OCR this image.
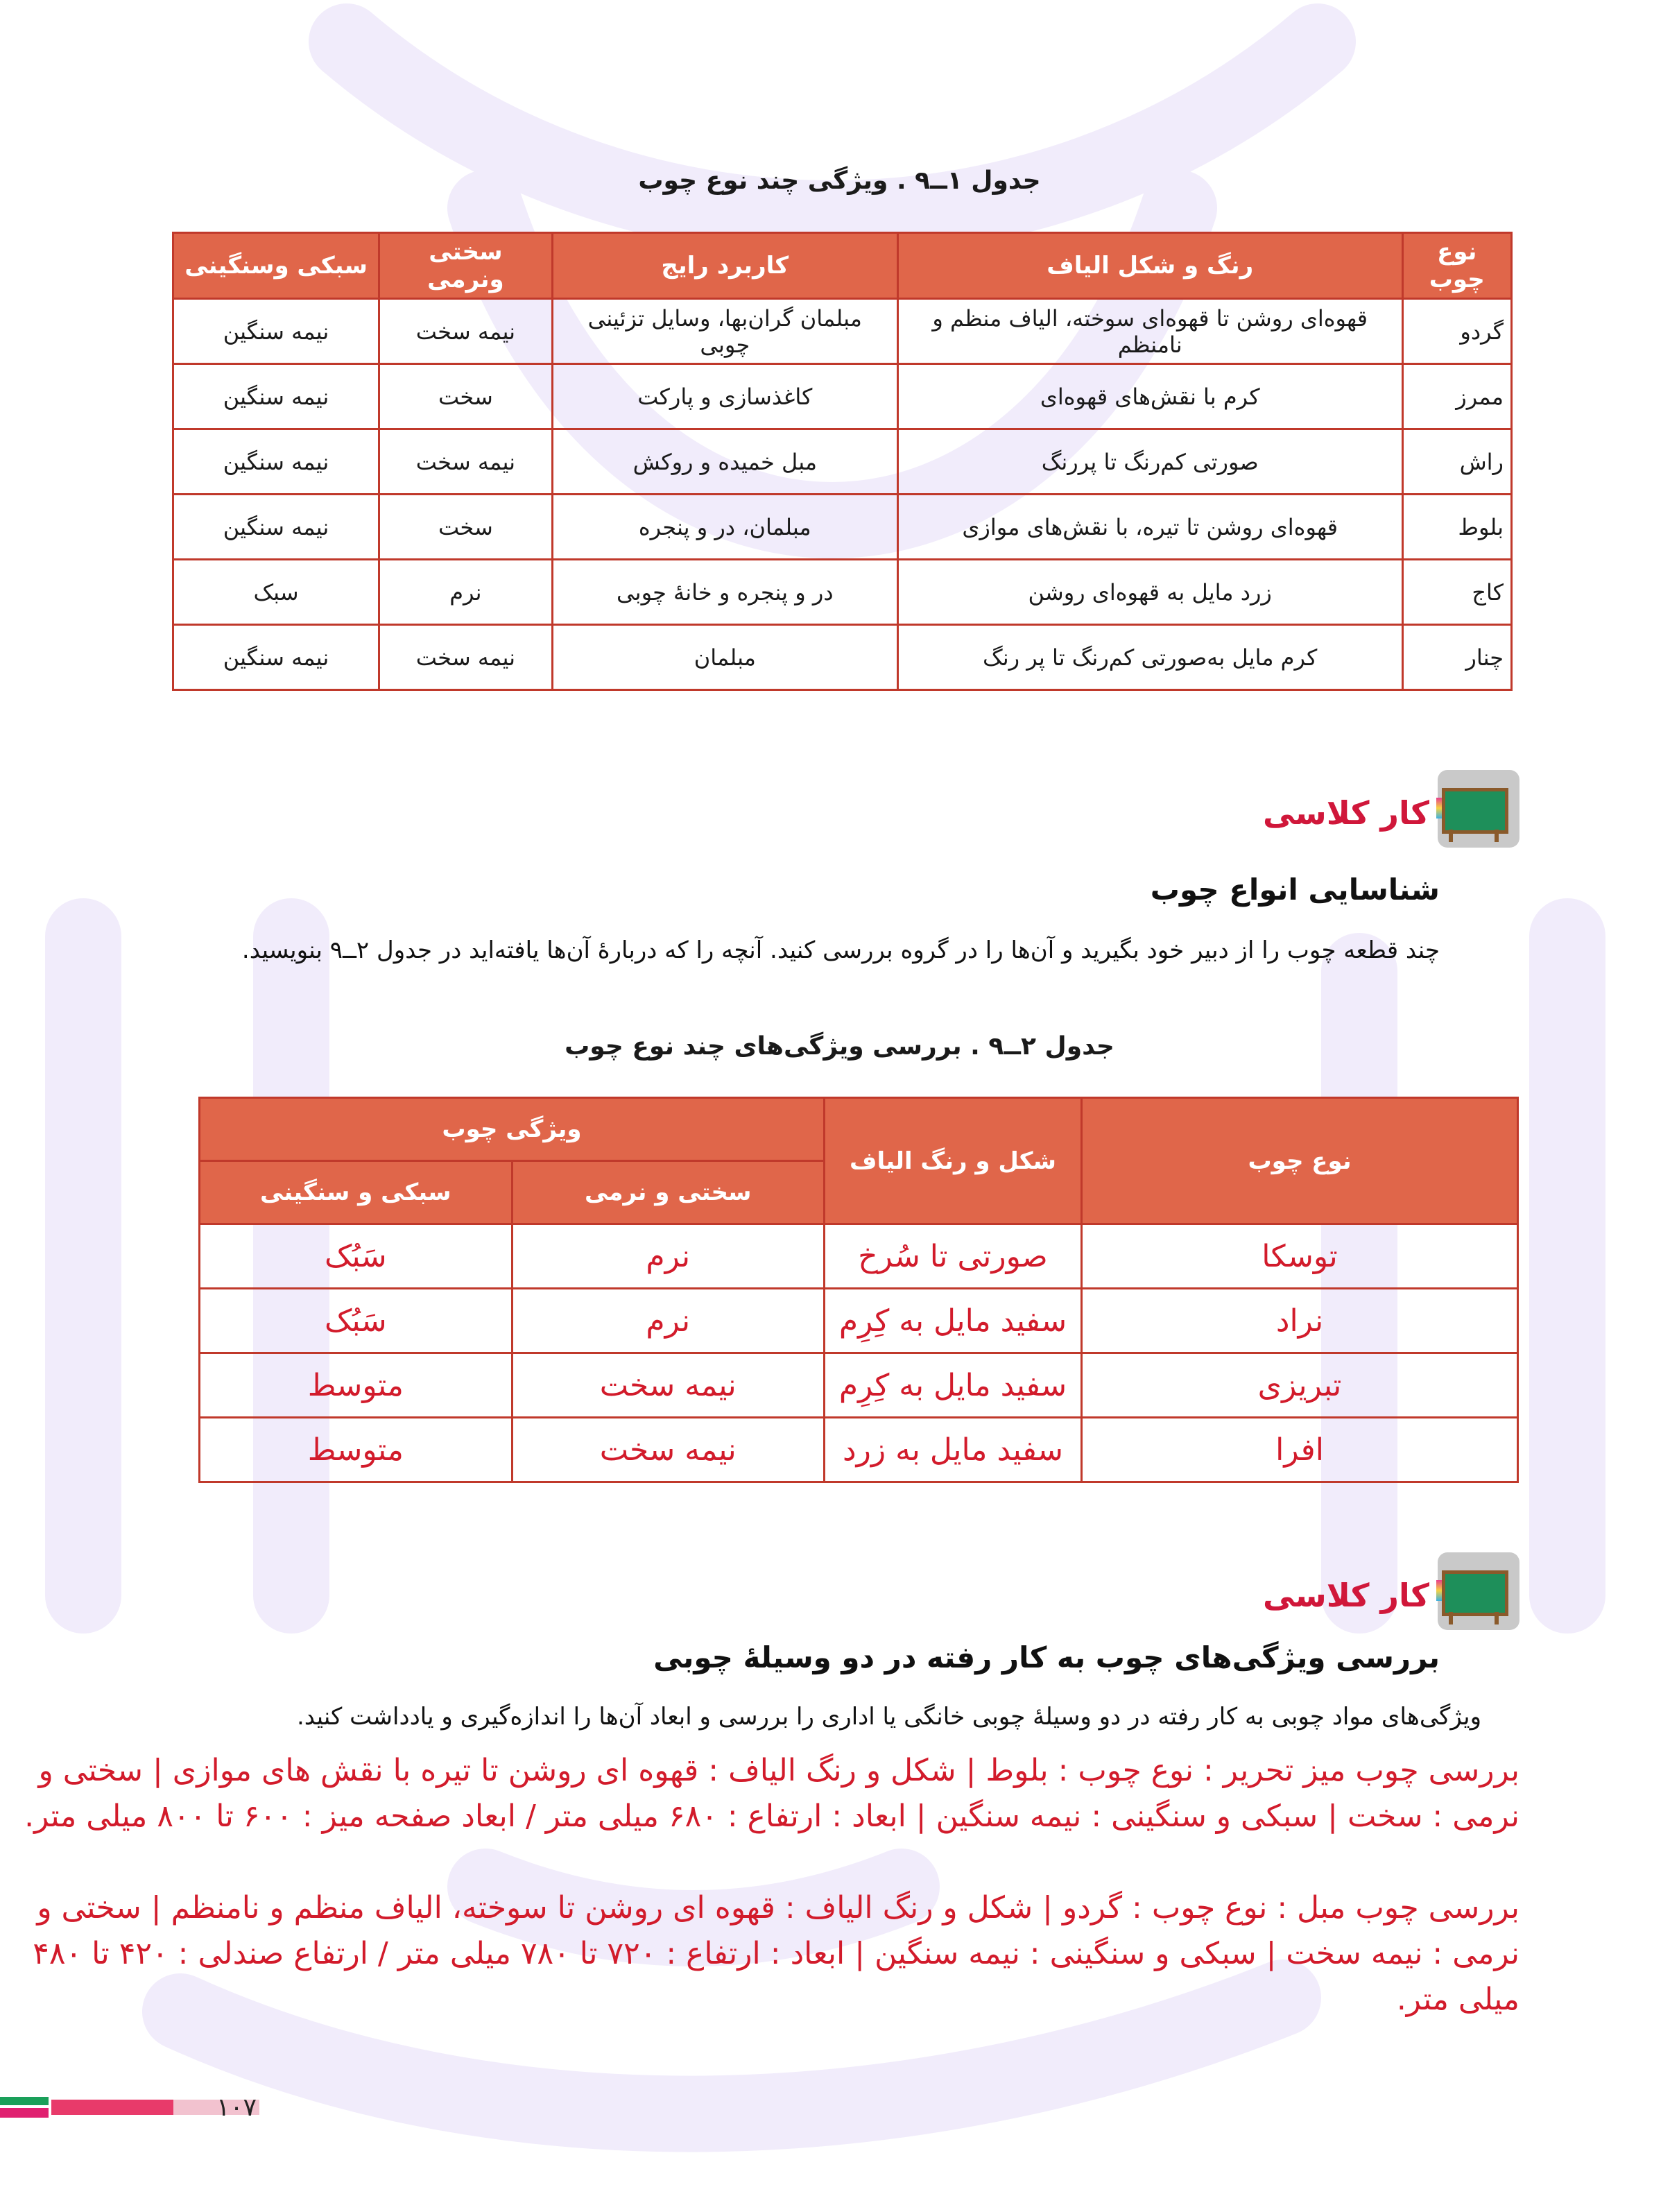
جدول ۱ــ۹ . ویژگی چند نوع چوب
نوع چوب	رنگ و شکل الیاف	کاربرد رایج	سختی ونرمی	سبکی وسنگینی
گردو	قهوه‌ای روشن تا قهوه‌ای سوخته، الیاف منظم و نامنظم	مبلمان گران‌بها، وسایل تزئینی چوبی	نیمه سخت	نیمه سنگین
ممرز	کرم با نقش‌های قهوه‌ای	کاغذسازی و پارکت	سخت	نیمه سنگین
راش	صورتی کم‌رنگ تا پررنگ	مبل خمیده و روکش	نیمه سخت	نیمه سنگین
بلوط	قهوه‌ای روشن تا تیره، با نقش‌های موازی	مبلمان، در و پنجره	سخت	نیمه سنگین
کاج	زرد مایل به قهوه‌ای روشن	در و پنجره و خانهٔ چوبی	نرم	سبک
چنار	کرم مایل به‌صورتی کم‌رنگ تا پر رنگ	مبلمان	نیمه سخت	نیمه سنگین
کار کلاسی
شناسایی انواع چوب
چند قطعه چوب را از دبیر خود بگیرید و آن‌ها را در گروه بررسی کنید. آنچه را که دربارهٔ آن‌ها یافته‌اید در جدول ۲ــ۹ بنویسید.
جدول ۲ــ۹ . بررسی ویژگی‌های چند نوع چوب
نوع چوب	شکل و رنگ الیاف	ویژگی چوب	
		سختی و نرمی	سبکی و سنگینی
توسکا	صورتی تا سُرخ	نرم	سَبُک
نراد	سفید مایل به کِرِم	نرم	سَبُک
تبریزی	سفید مایل به کِرِم	نیمه سخت	متوسط
افرا	سفید مایل به زرد	نیمه سخت	متوسط
کار کلاسی
بررسی ویژگی‌های چوب به کار رفته در دو وسیلهٔ چوبی
ویژگی‌های مواد چوبی به کار رفته در دو وسیلهٔ چوبی خانگی یا اداری را بررسی و ابعاد آن‌ها را اندازه‌گیری و یادداشت کنید.
بررسی چوب میز تحریر : نوع چوب : بلوط | شکل و رنگ الیاف : قهوه ای روشن تا تیره با نقش های موازی | سختی و نرمی : سخت | سبکی و سنگینی : نیمه سنگین | ابعاد : ارتفاع : ۶۸۰ میلی متر / ابعاد صفحه میز : ۶۰۰ تا ۸۰۰ میلی متر.
بررسی چوب مبل : نوع چوب : گردو | شکل و رنگ الیاف : قهوه ای روشن تا سوخته، الیاف منظم و نامنظم | سختی و نرمی : نیمه سخت | سبکی و سنگینی : نیمه سنگین | ابعاد : ارتفاع : ۷۲۰ تا ۷۸۰ میلی متر / ارتفاع صندلی : ۴۲۰ تا ۴۸۰ میلی متر.
۱۰۷
